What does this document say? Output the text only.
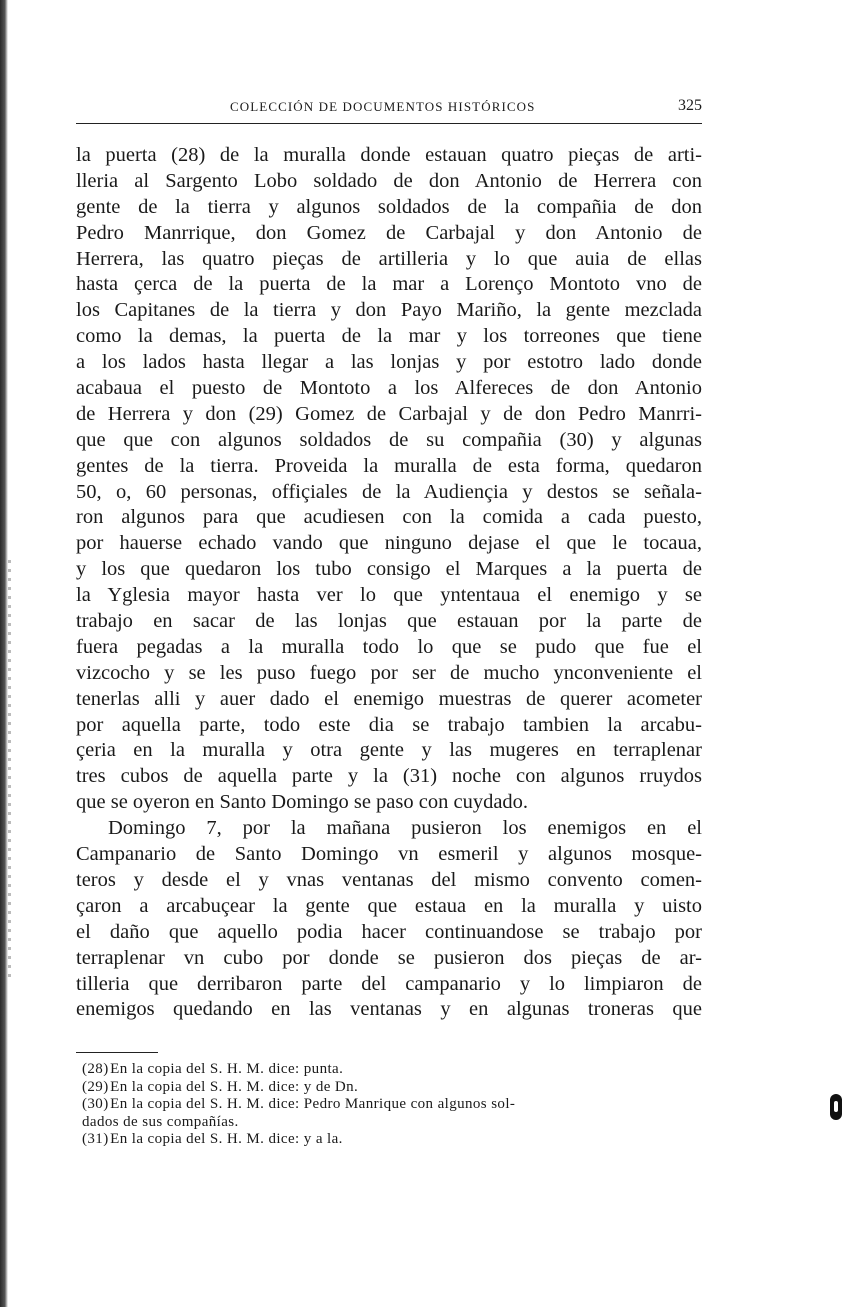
COLECCIÓN DE DOCUMENTOS HISTÓRICOS	325
la puerta (28) de la muralla donde estauan quatro pieças de arti-
lleria al Sargento Lobo soldado de don Antonio de Herrera con
gente de la tierra y algunos soldados de la compañia de don
Pedro Manrrique, don Gomez de Carbajal y don Antonio de
Herrera, las quatro pieças de artilleria y lo que auia de ellas
hasta çerca de la puerta de la mar a Lorenço Montoto vno de
los Capitanes de la tierra y don Payo Mariño, la gente mezclada
como la demas, la puerta de la mar y los torreones que tiene
a los lados hasta llegar a las lonjas y por estotro lado donde
acabaua el puesto de Montoto a los Alfereces de don Antonio
de Herrera y don (29) Gomez de Carbajal y de don Pedro Manrri-
que que con algunos soldados de su compañia (30) y algunas
gentes de la tierra. Proveida la muralla de esta forma, quedaron
50, o, 60 personas, offiçiales de la Audiençia y destos se señala-
ron algunos para que acudiesen con la comida a cada puesto,
por hauerse echado vando que ninguno dejase el que le tocaua,
y los que quedaron los tubo consigo el Marques a la puerta de
la Yglesia mayor hasta ver lo que yntentaua el enemigo y se
trabajo en sacar de las lonjas que estauan por la parte de
fuera pegadas a la muralla todo lo que se pudo que fue el
vizcocho y se les puso fuego por ser de mucho ynconveniente el
tenerlas alli y auer dado el enemigo muestras de querer acometer
por aquella parte, todo este dia se trabajo tambien la arcabu-
çeria en la muralla y otra gente y las mugeres en terraplenar
tres cubos de aquella parte y la (31) noche con algunos rruydos
que se oyeron en Santo Domingo se paso con cuydado.
Domingo 7, por la mañana pusieron los enemigos en el
Campanario de Santo Domingo vn esmeril y algunos mosque-
teros y desde el y vnas ventanas del mismo convento comen-
çaron a arcabuçear la gente que estaua en la muralla y uisto
el daño que aquello podia hacer continuandose se trabajo por
terraplenar vn cubo por donde se pusieron dos pieças de ar-
tilleria que derribaron parte del campanario y lo limpiaron de
enemigos quedando en las ventanas y en algunas troneras que
(28) En la copia del S. H. M. dice: punta.
(29) En la copia del S. H. M. dice: y de Dn.
(30) En la copia del S. H. M. dice: Pedro Manrique con algunos sol-
dados de sus compañías.
(31) En la copia del S. H. M. dice: y a la.
